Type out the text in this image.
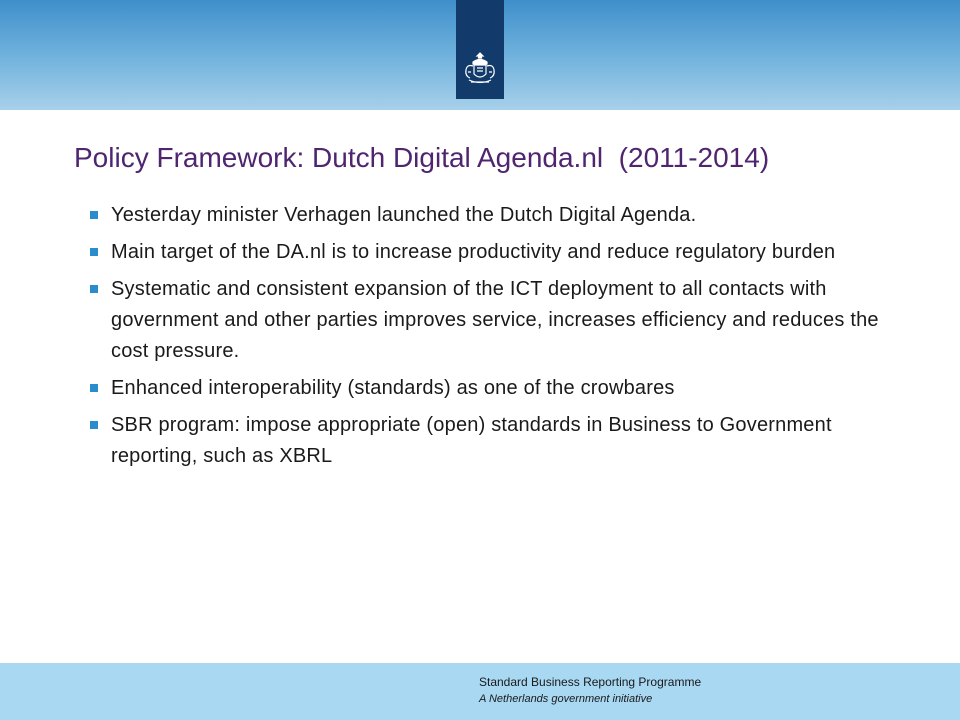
Policy Framework: Dutch Digital Agenda.nl  (2011-2014)
Yesterday minister Verhagen launched the Dutch Digital Agenda.
Main target of the DA.nl is to increase productivity and reduce regulatory burden
Systematic and consistent expansion of the ICT deployment to all contacts with government and other parties improves service, increases efficiency and reduces the cost pressure.
Enhanced interoperability (standards) as one of the crowbares
SBR program: impose appropriate (open) standards in Business to Government reporting, such as XBRL
Standard Business Reporting Programme
A Netherlands government initiative
